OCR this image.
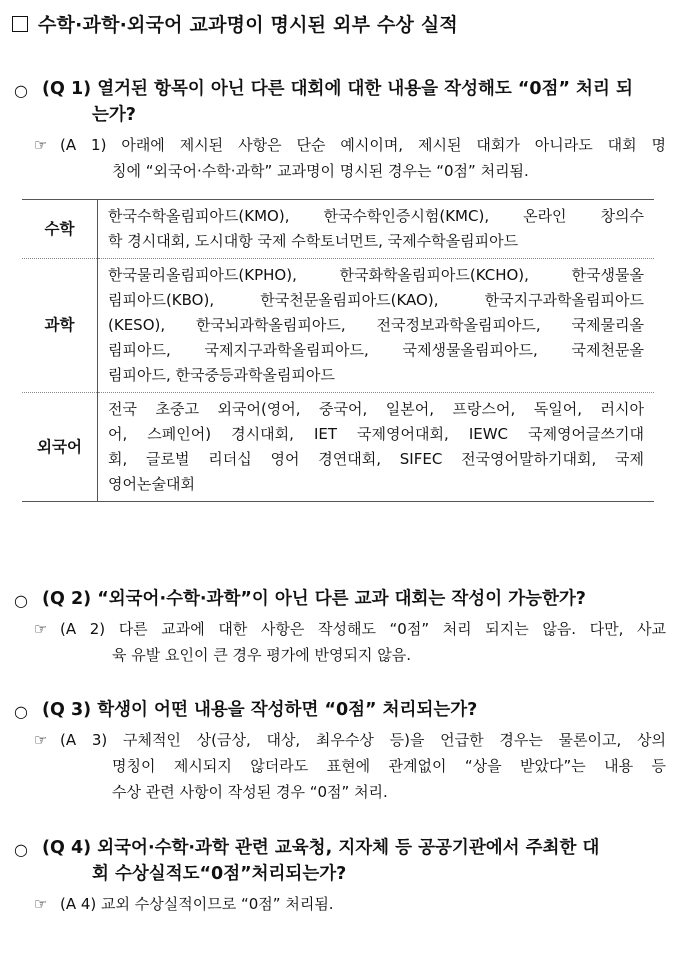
수학·과학·외국어 교과명이 명시된 외부 수상 실적
○ (Q 1) 열거된 항목이 아닌 다른 대회에 대한 내용을 작성해도 “0점” 처리 되
는가?
☞ (A 1) 아래에 제시된 사항은 단순 예시이며, 제시된 대회가 아니라도 대회 명
칭에 “외국어·수학·과학” 교과명이 명시된 경우는 “0점” 처리됨.
수학	한국수학올림피아드(KMO), 한국수학인증시험(KMC), 온라인 창의수
학 경시대회, 도시대항 국제 수학토너먼트, 국제수학올림피아드

과학	한국물리올림피아드(KPHO), 한국화학올림피아드(KCHO), 한국생물올
림피아드(KBO), 한국천문올림피아드(KAO), 한국지구과학올림피아드
(KESO), 한국뇌과학올림피아드, 전국정보과학올림피아드, 국제물리올
림피아드, 국제지구과학올림피아드, 국제생물올림피아드, 국제천문올
림피아드, 한국중등과학올림피아드

외국어	전국 초중고 외국어(영어, 중국어, 일본어, 프랑스어, 독일어, 러시아
어, 스페인어) 경시대회, IET 국제영어대회, IEWC 국제영어글쓰기대
회, 글로벌 리더십 영어 경연대회, SIFEC 전국영어말하기대회, 국제
영어논술대회
○ (Q 2) “외국어·수학·과학”이 아닌 다른 교과 대회는 작성이 가능한가?
☞ (A 2) 다른 교과에 대한 사항은 작성해도 “0점” 처리 되지는 않음. 다만, 사교
육 유발 요인이 큰 경우 평가에 반영되지 않음.
○ (Q 3) 학생이 어떤 내용을 작성하면 “0점” 처리되는가?
☞ (A 3) 구체적인 상(금상, 대상, 최우수상 등)을 언급한 경우는 물론이고, 상의
명칭이 제시되지 않더라도 표현에 관계없이 “상을 받았다”는 내용 등
수상 관련 사항이 작성된 경우 “0점” 처리.
○ (Q 4) 외국어·수학·과학 관련 교육청, 지자체 등 공공기관에서 주최한 대
회 수상실적도“0점”처리되는가?
☞ (A 4) 교외 수상실적이므로 “0점” 처리됨.
